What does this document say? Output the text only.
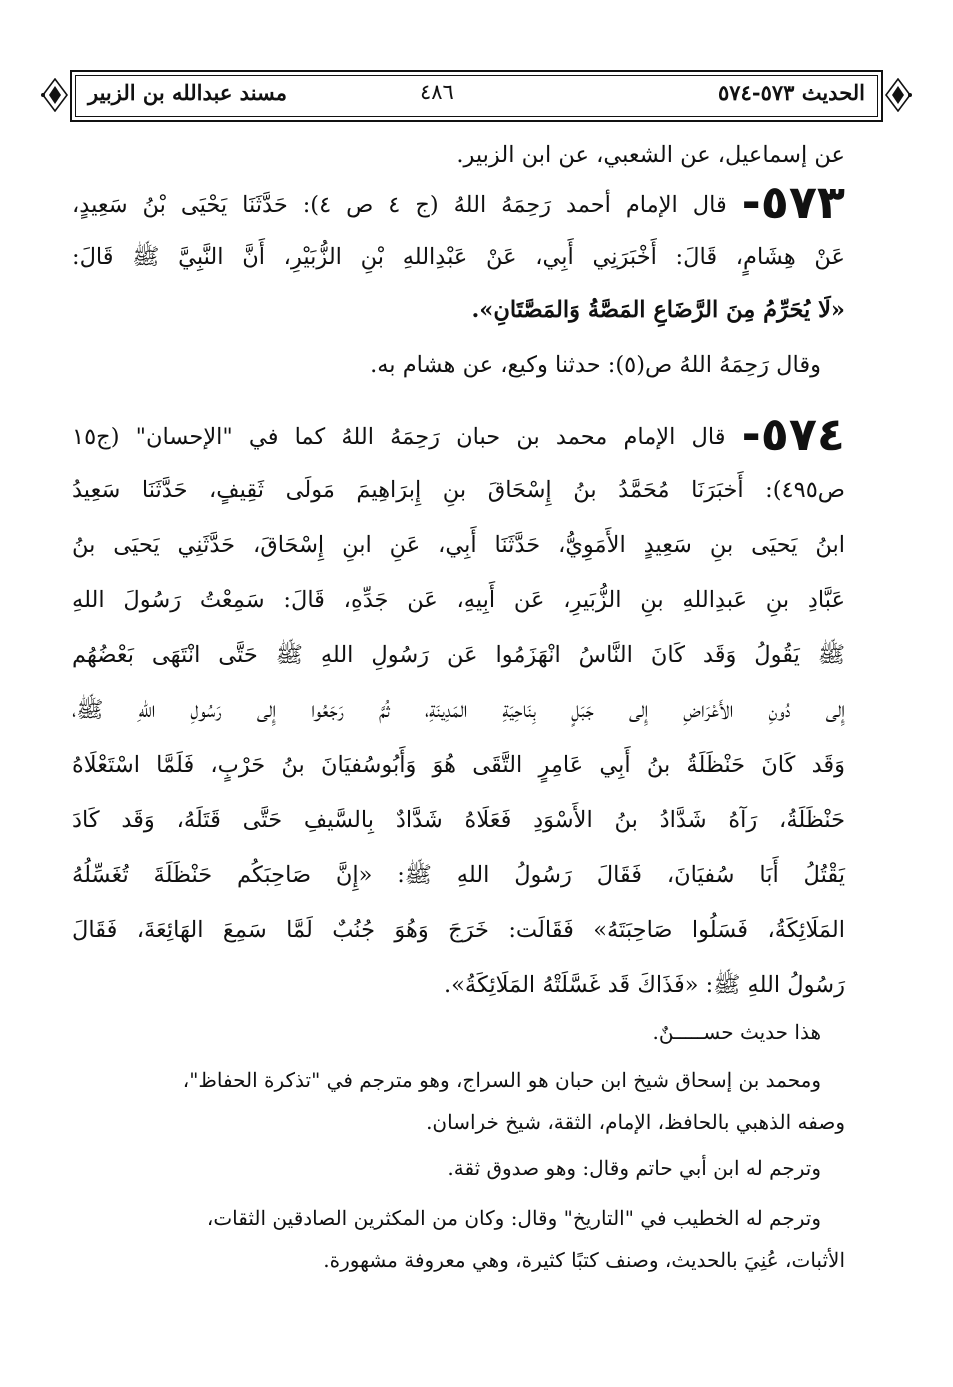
الحديث ٥٧٣-٥٧٤
٤٨٦
مسند عبدالله بن الزبير
عن إسماعيل، عن الشعبي، عن ابن الزبير.
٥٧٣- قال الإمام أحمد رَحِمَهُ اللهُ (ج ٤ ص ٤): حَدَّثَنَا يَحْيَى بْنُ سَعِيدٍ،
عَنْ هِشَامٍ، قَالَ: أَخْبَرَنِي أَبِي، عَنْ عَبْدِاللهِ بْنِ الزُّبَيْرِ، أَنَّ النَّبِيَّ ﷺ قَالَ:
«لَا يُحَرِّمُ مِنَ الرَّضَاعِ المَصَّةُ وَالمَصَّتَانِ».
وقال رَحِمَهُ اللهُ ص(٥): حدثنا وكيع، عن هشام به.
٥٧٤- قال الإمام محمد بن حبان رَحِمَهُ اللهُ كما في "الإحسان" (ج١٥
ص٤٩٥): أَخبَرَنَا مُحَمَّدُ بنُ إِسْحَاقَ بنِ إِبرَاهِيمَ مَولَى ثَقِيفٍ، حَدَّثَنَا سَعِيدُ
ابنُ يَحيَى بنِ سَعِيدٍ الأَمَوِيُّ، حَدَّثَنَا أَبِي، عَنِ ابنِ إِسْحَاقَ، حَدَّثَنِي يَحيَى بنُ
عَبَّادِ بنِ عَبدِاللهِ بنِ الزُّبَيرِ، عَن أَبِيهِ، عَن جَدِّهِ، قَالَ: سَمِعْتُ رَسُولَ اللهِ
ﷺ يَقُولُ وَقَد كَانَ النَّاسُ انْهَزَمُوا عَن رَسُولِ اللهِ ﷺ حَتَّى انْتَهَى بَعْضُهُم
إِلى دُونِ الأَعْرَاضِ إِلى جَبَلٍ بِنَاحِيَةِ المَدِينَةِ، ثُمَّ رَجَعُوا إِلى رَسُولِ اللهِ ﷺ،
وَقَد كَانَ حَنْظَلَةُ بنُ أَبِي عَامِرٍ التَّقَى هُوَ وَأَبُوسُفيَانَ بنُ حَرْبٍ، فَلَمَّا اسْتَعْلَاهُ
حَنْظَلَةُ، رَآهُ شَدَّادُ بنُ الأَسْوَدِ فَعَلَاهُ شَدَّادٌ بِالسَّيفِ حَتَّى قَتَلَهُ، وَقَد كَادَ
يَقْتُلُ أَبَا سُفيَانَ، فَقَالَ رَسُولُ اللهِ ﷺ: «إِنَّ صَاحِبَكُم حَنْظَلَةَ تُغَسِّلُهُ
المَلَائِكَةُ، فَسَلُوا صَاحِبَتَهُ» فَقَالَت: خَرَجَ وَهُوَ جُنُبٌ لَمَّا سَمِعَ الهَائِعَةَ، فَقَالَ
رَسُولُ اللهِ ﷺ: «فَذَاكَ قَد غَسَّلَتْهُ المَلَائِكَةُ».
هذا حديث حســـــنٌ.
ومحمد بن إسحاق شيخ ابن حبان هو السراج، وهو مترجم في "تذكرة الحفاظ"،
وصفه الذهبي بالحافظ، الإمام، الثقة، شيخ خراسان.
وترجم له ابن أبي حاتم وقال: وهو صدوق ثقة.
وترجم له الخطيب في "التاريخ" وقال: وكان من المكثرين الصادقين الثقات،
الأثبات، عُنِيَ بالحديث، وصنف كتبًا كثيرة، وهي معروفة مشهورة.
